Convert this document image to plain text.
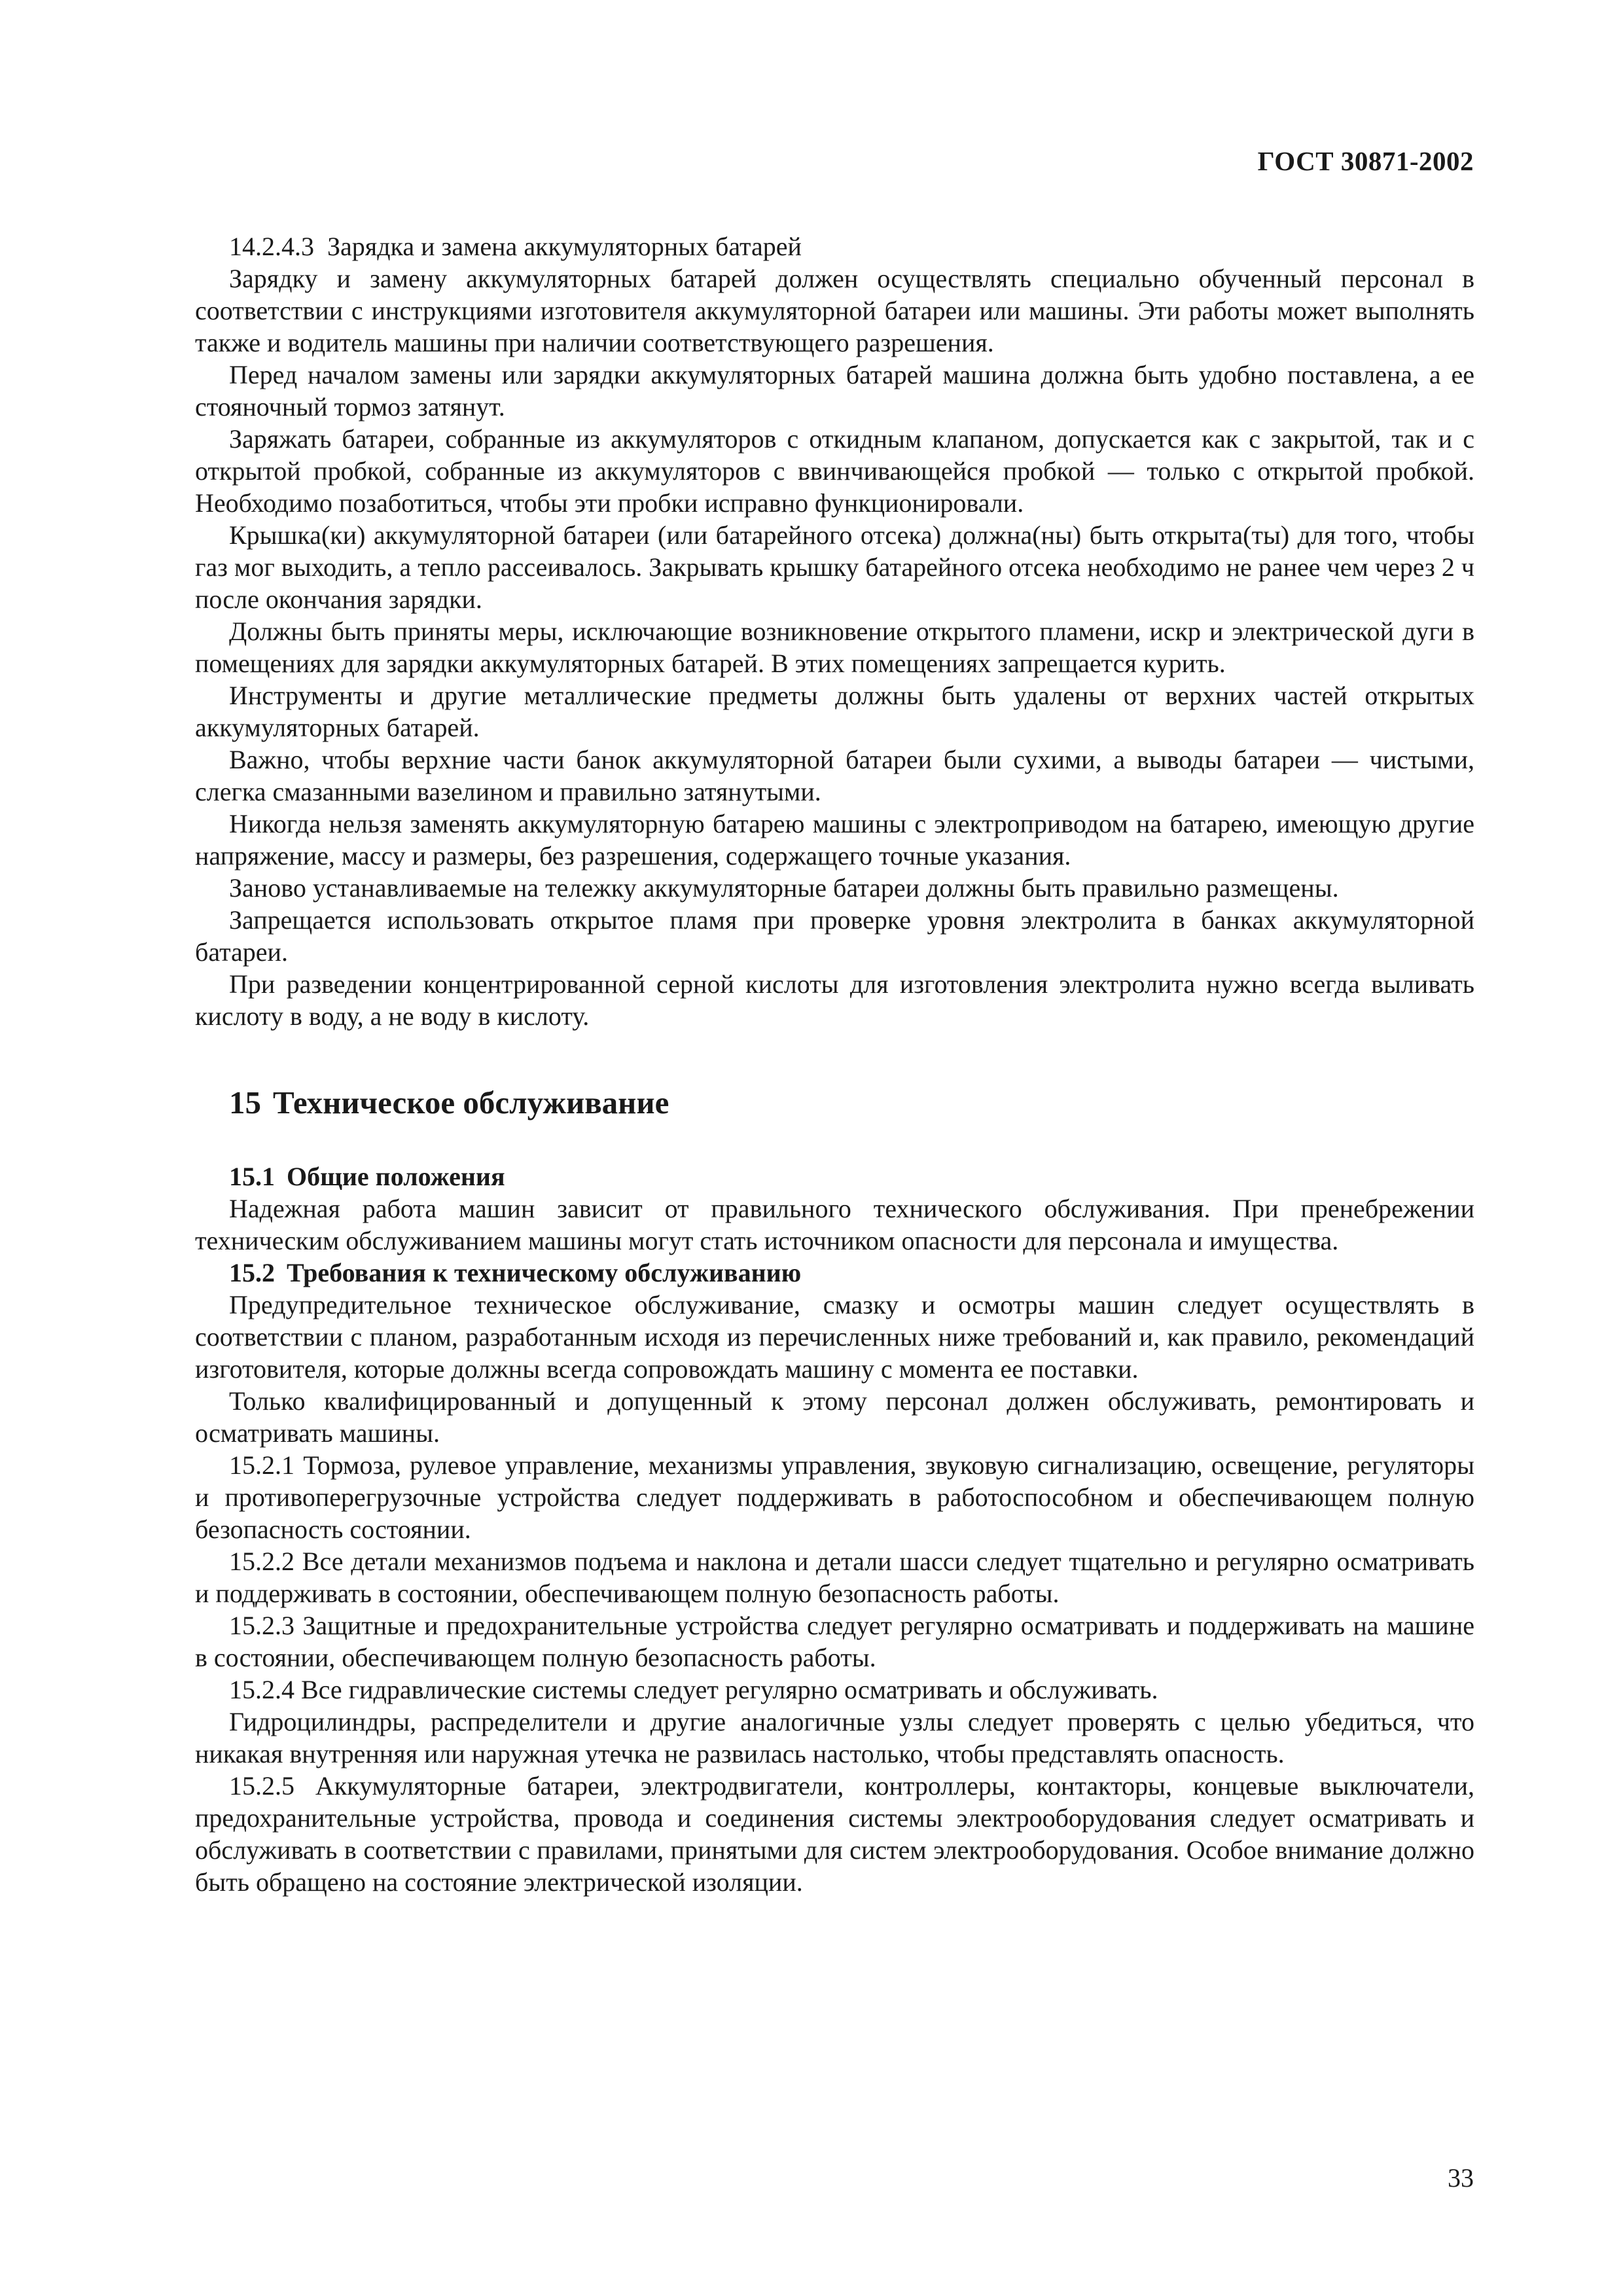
ГОСТ 30871-2002

14.2.4.3 Зарядка и замена аккумуляторных батарей

Зарядку и замену аккумуляторных батарей должен осуществлять специально обученный персонал в соответствии с инструкциями изготовителя аккумуляторной батареи или машины. Эти работы может выполнять также и водитель машины при наличии соответствующего разрешения.

Перед началом замены или зарядки аккумуляторных батарей машина должна быть удобно поставлена, а ее стояночный тормоз затянут.

Заряжать батареи, собранные из аккумуляторов с откидным клапаном, допускается как с закрытой, так и с открытой пробкой, собранные из аккумуляторов с ввинчивающейся пробкой — только с открытой пробкой. Необходимо позаботиться, чтобы эти пробки исправно функционировали.

Крышка(ки) аккумуляторной батареи (или батарейного отсека) должна(ны) быть открыта(ты) для того, чтобы газ мог выходить, а тепло рассеивалось. Закрывать крышку батарейного отсека необходимо не ранее чем через 2 ч после окончания зарядки.

Должны быть приняты меры, исключающие возникновение открытого пламени, искр и электрической дуги в помещениях для зарядки аккумуляторных батарей. В этих помещениях запрещается курить.

Инструменты и другие металлические предметы должны быть удалены от верхних частей открытых аккумуляторных батарей.

Важно, чтобы верхние части банок аккумуляторной батареи были сухими, а выводы батареи — чистыми, слегка смазанными вазелином и правильно затянутыми.

Никогда нельзя заменять аккумуляторную батарею машины с электроприводом на батарею, имеющую другие напряжение, массу и размеры, без разрешения, содержащего точные указания.

Заново устанавливаемые на тележку аккумуляторные батареи должны быть правильно размещены.

Запрещается использовать открытое пламя при проверке уровня электролита в банках аккумуляторной батареи.

При разведении концентрированной серной кислоты для изготовления электролита нужно всегда выливать кислоту в воду, а не воду в кислоту.

15 Техническое обслуживание
15.1 Общие положения

Надежная работа машин зависит от правильного технического обслуживания. При пренебрежении техническим обслуживанием машины могут стать источником опасности для персонала и имущества.

15.2 Требования к техническому обслуживанию

Предупредительное техническое обслуживание, смазку и осмотры машин следует осуществлять в соответствии с планом, разработанным исходя из перечисленных ниже требований и, как правило, рекомендаций изготовителя, которые должны всегда сопровождать машину с момента ее поставки.

Только квалифицированный и допущенный к этому персонал должен обслуживать, ремонтировать и осматривать машины.

15.2.1 Тормоза, рулевое управление, механизмы управления, звуковую сигнализацию, освещение, регуляторы и противоперегрузочные устройства следует поддерживать в работоспособном и обеспечивающем полную безопасность состоянии.

15.2.2 Все детали механизмов подъема и наклона и детали шасси следует тщательно и регулярно осматривать и поддерживать в состоянии, обеспечивающем полную безопасность работы.

15.2.3 Защитные и предохранительные устройства следует регулярно осматривать и поддерживать на машине в состоянии, обеспечивающем полную безопасность работы.

15.2.4 Все гидравлические системы следует регулярно осматривать и обслуживать.

Гидроцилиндры, распределители и другие аналогичные узлы следует проверять с целью убедиться, что никакая внутренняя или наружная утечка не развилась настолько, чтобы представлять опасность.

15.2.5 Аккумуляторные батареи, электродвигатели, контроллеры, контакторы, концевые выключатели, предохранительные устройства, провода и соединения системы электрооборудования следует осматривать и обслуживать в соответствии с правилами, принятыми для систем электрооборудования. Особое внимание должно быть обращено на состояние электрической изоляции.

33
